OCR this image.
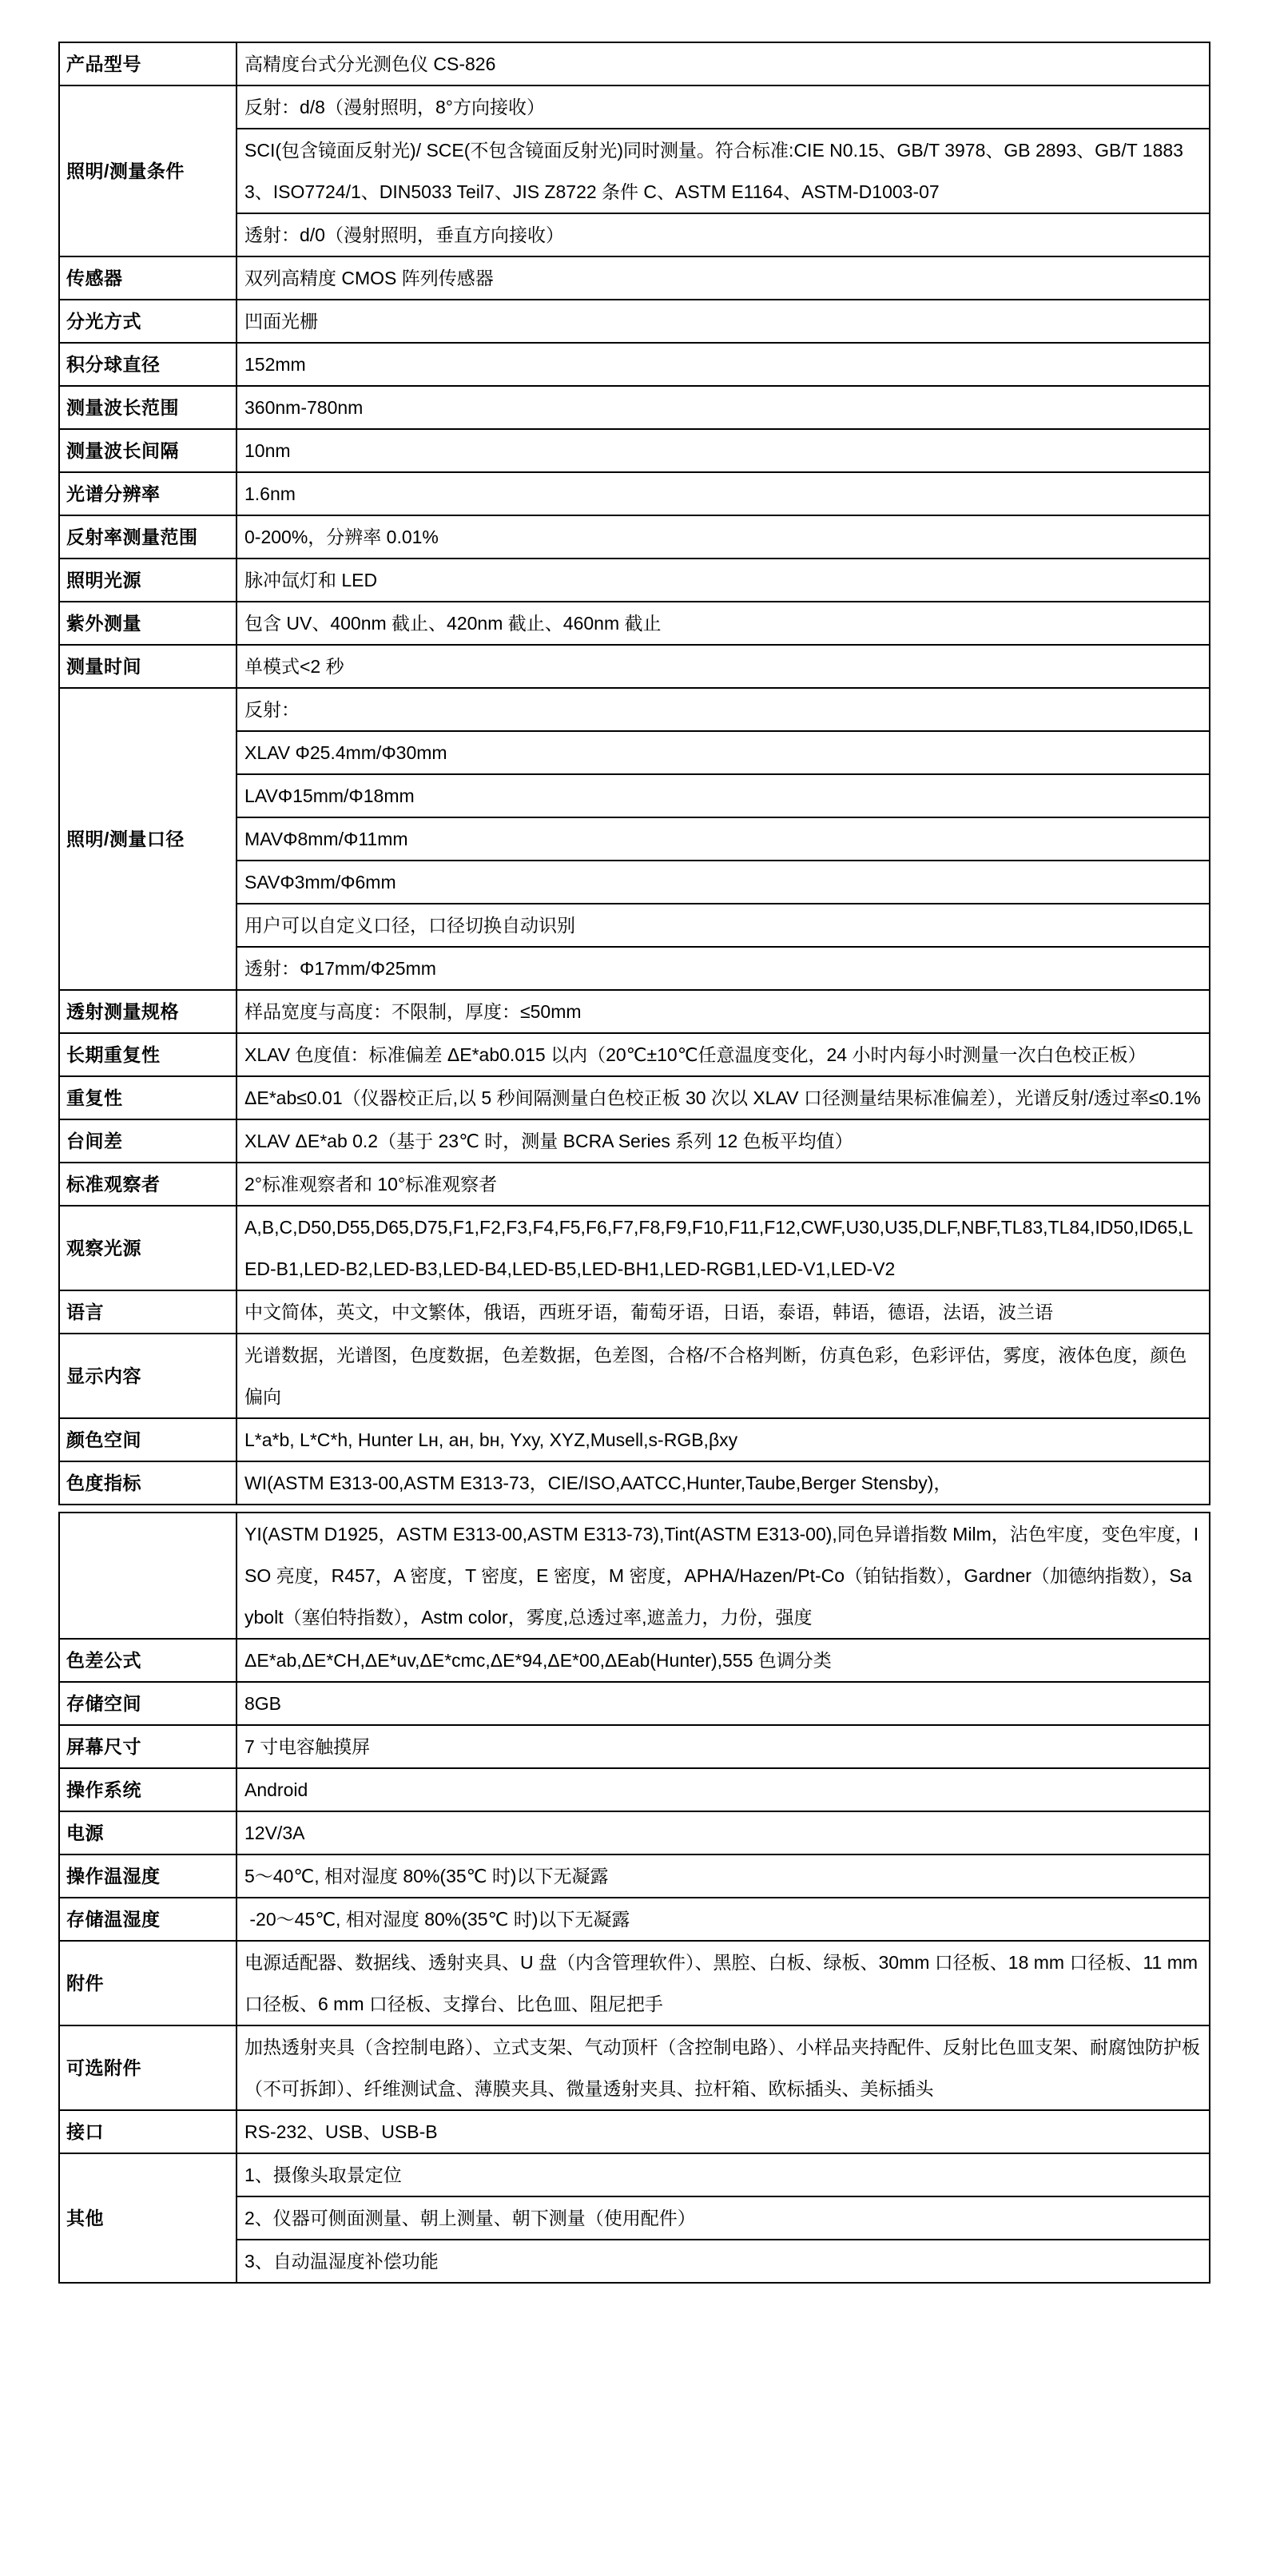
产品型号	高精度台式分光测色仪 CS-826
照明/测量条件	反射：d/8（漫射照明，8°方向接收）
	SCI(包含镜面反射光)/ SCE(不包含镜面反射光)同时测量。符合标准:CIE N0.15、GB/T 3978、GB 2893、GB/T 18833、ISO7724/1、DIN5033 Teil7、JIS Z8722 条件 C、ASTM E1164、ASTM-D1003-07
	透射：d/0（漫射照明，垂直方向接收）
传感器	双列高精度 CMOS 阵列传感器
分光方式	凹面光栅
积分球直径	152mm
测量波长范围	360nm-780nm
测量波长间隔	10nm
光谱分辨率	1.6nm
反射率测量范围	0-200%，分辨率 0.01%
照明光源	脉冲氙灯和 LED
紫外测量	包含 UV、400nm 截止、420nm 截止、460nm 截止
测量时间	单模式<2 秒
照明/测量口径	反射：
	XLAV Φ25.4mm/Φ30mm
	LAVΦ15mm/Φ18mm
	MAVΦ8mm/Φ11mm
	SAVΦ3mm/Φ6mm
	用户可以自定义口径，口径切换自动识别
	透射：Φ17mm/Φ25mm
透射测量规格	样品宽度与高度：不限制，厚度：≤50mm
长期重复性	XLAV 色度值：标准偏差 ΔE*ab0.015 以内（20℃±10℃任意温度变化，24 小时内每小时测量一次白色校正板）
重复性	ΔE*ab≤0.01（仪器校正后,以 5 秒间隔测量白色校正板 30 次以 XLAV 口径测量结果标准偏差），光谱反射/透过率≤0.1%
台间差	XLAV ΔE*ab 0.2（基于 23℃ 时，测量 BCRA Series 系列 12 色板平均值）
标准观察者	2°标准观察者和 10°标准观察者
观察光源	A,B,C,D50,D55,D65,D75,F1,F2,F3,F4,F5,F6,F7,F8,F9,F10,F11,F12,CWF,U30,U35,DLF,NBF,TL83,TL84,ID50,ID65,LED-B1,LED-B2,LED-B3,LED-B4,LED-B5,LED-BH1,LED-RGB1,LED-V1,LED-V2
语言	中文简体，英文，中文繁体，俄语，西班牙语，葡萄牙语，日语，泰语，韩语，德语，法语，波兰语
显示内容	光谱数据，光谱图，色度数据，色差数据，色差图，合格/不合格判断，仿真色彩，色彩评估，雾度，液体色度，颜色偏向
颜色空间	L*a*b, L*C*h, Hunter Lн, aн, bн, Yxy, XYZ,Musell,s-RGB,βxy
色度指标	WI(ASTM E313-00,ASTM E313-73，CIE/ISO,AATCC,Hunter,Taube,Berger Stensby)，
	YI(ASTM D1925，ASTM E313-00,ASTM E313-73),Tint(ASTM E313-00),同色异谱指数 Milm，沾色牢度，变色牢度，ISO 亮度，R457，A 密度，T 密度，E 密度，M 密度，APHA/Hazen/Pt-Co（铂钴指数），Gardner（加德纳指数），Saybolt（塞伯特指数），Astm color，雾度,总透过率,遮盖力，力份，强度
色差公式	ΔE*ab,ΔE*CH,ΔE*uv,ΔE*cmc,ΔE*94,ΔE*00,ΔEab(Hunter),555 色调分类
存储空间	8GB
屏幕尺寸	7 寸电容触摸屏
操作系统	Android
电源	12V/3A
操作温湿度	5～40℃, 相对湿度 80%(35℃ 时)以下无凝露
存储温湿度	-20～45℃, 相对湿度 80%(35℃ 时)以下无凝露
附件	电源适配器、数据线、透射夹具、U 盘（内含管理软件）、黑腔、白板、绿板、30mm 口径板、18 mm 口径板、11 mm 口径板、6 mm 口径板、支撑台、比色皿、阻尼把手
可选附件	加热透射夹具（含控制电路）、立式支架、气动顶杆（含控制电路）、小样品夹持配件、反射比色皿支架、耐腐蚀防护板（不可拆卸）、纤维测试盒、薄膜夹具、微量透射夹具、拉杆箱、欧标插头、美标插头
接口	RS-232、USB、USB-B
其他	1、摄像头取景定位
	2、仪器可侧面测量、朝上测量、朝下测量（使用配件）
	3、自动温湿度补偿功能
